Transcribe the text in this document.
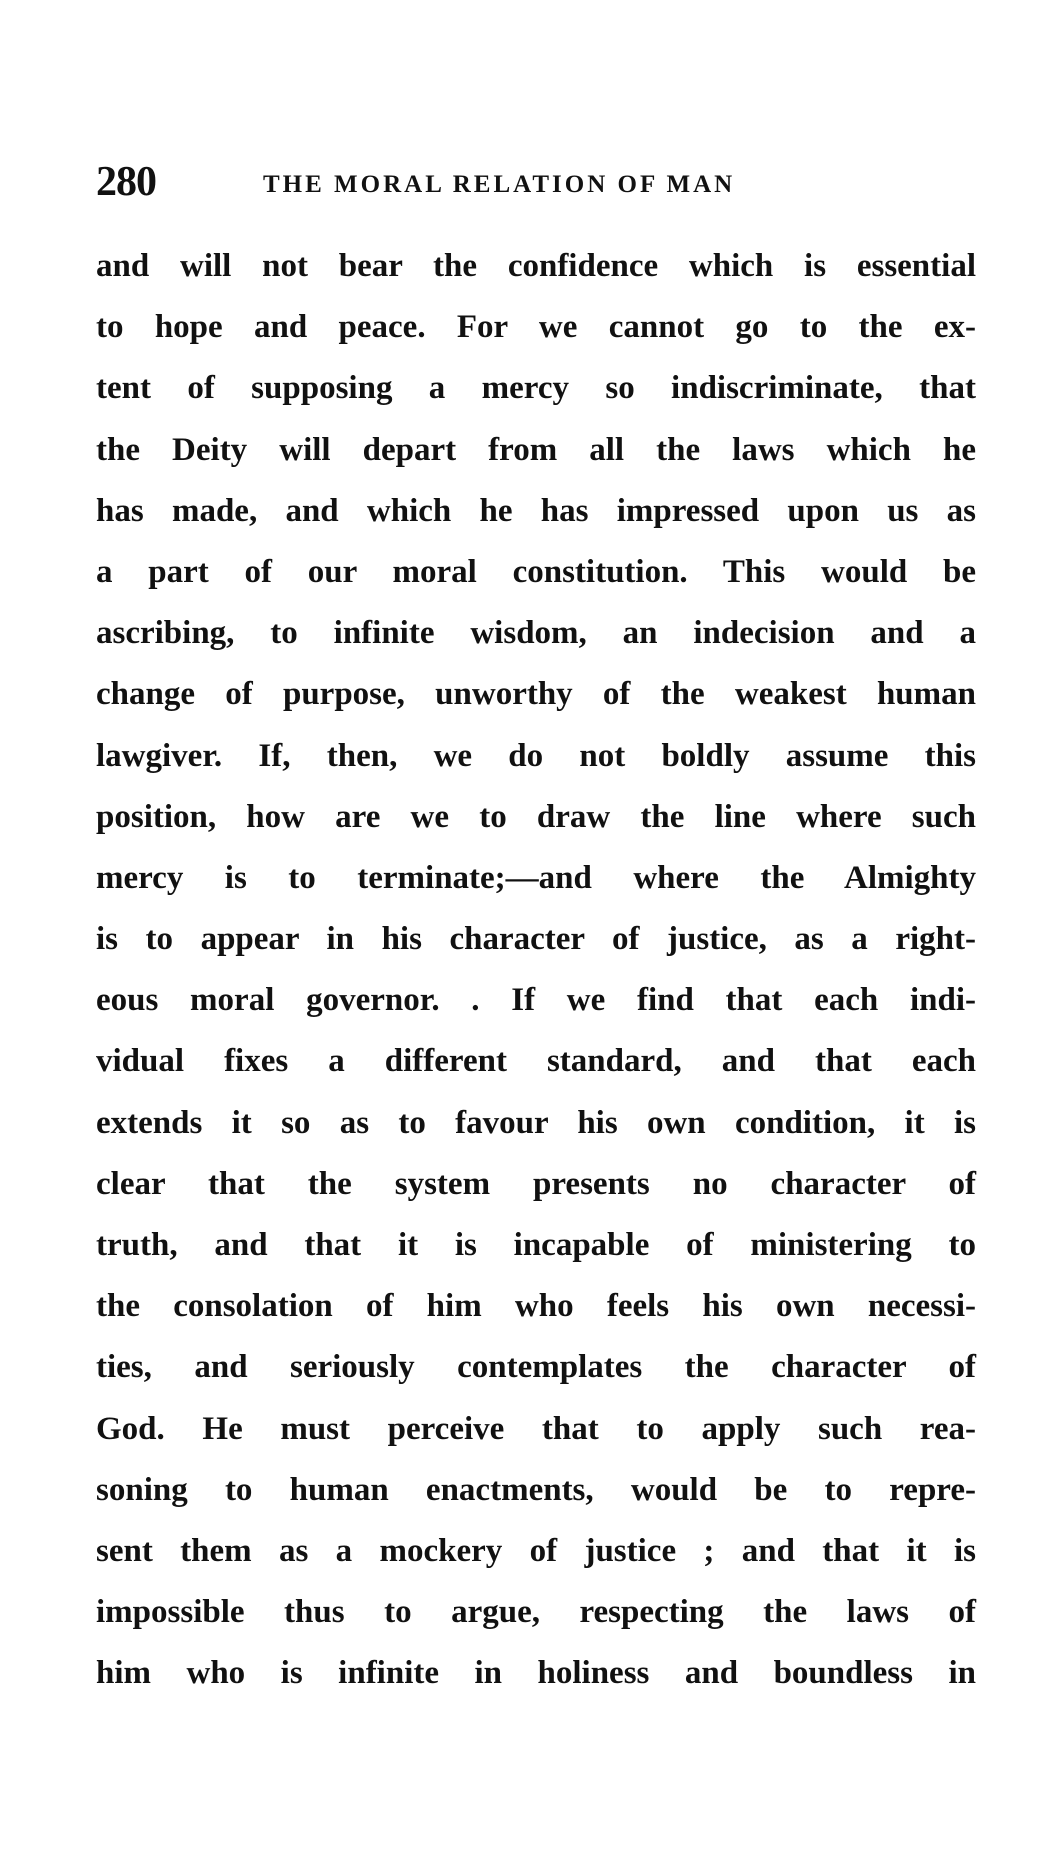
280	THE MORAL RELATION OF MAN
and will not bear the confidence which is essential
to hope and peace. For we cannot go to the ex-
tent of supposing a mercy so indiscriminate, that
the Deity will depart from all the laws which he
has made, and which he has impressed upon us as
a part of our moral constitution. This would be
ascribing, to infinite wisdom, an indecision and a
change of purpose, unworthy of the weakest human
lawgiver. If, then, we do not boldly assume this
position, how are we to draw the line where such
mercy is to terminate;—and where the Almighty
is to appear in his character of justice, as a right-
eous moral governor. . If we find that each indi-
vidual fixes a different standard, and that each
extends it so as to favour his own condition, it is
clear that the system presents no character of
truth, and that it is incapable of ministering to
the consolation of him who feels his own necessi-
ties, and seriously contemplates the character of
God. He must perceive that to apply such rea-
soning to human enactments, would be to repre-
sent them as a mockery of justice ; and that it is
impossible thus to argue, respecting the laws of
him who is infinite in holiness and boundless in
